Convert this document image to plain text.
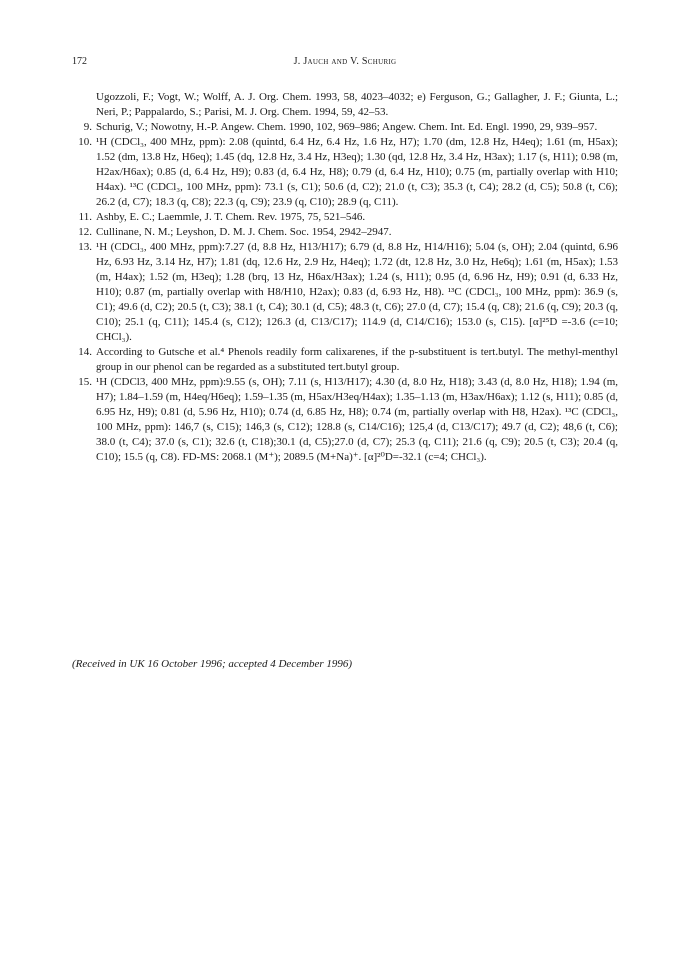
172	J. Jauch and V. Schurig

Ugozzoli, F.; Vogt, W.; Wolff, A. J. Org. Chem. 1993, 58, 4023–4032; e) Ferguson, G.; Gallagher, J. F.; Giunta, L.; Neri, P.; Pappalardo, S.; Parisi, M. J. Org. Chem. 1994, 59, 42–53.

9. Schurig, V.; Nowotny, H.-P. Angew. Chem. 1990, 102, 969–986; Angew. Chem. Int. Ed. Engl. 1990, 29, 939–957.

10. ¹H (CDCl₃, 400 MHz, ppm): 2.08 (quintd, 6.4 Hz, 6.4 Hz, 1.6 Hz, H7); 1.70 (dm, 12.8 Hz, H4eq); 1.61 (m, H5ax); 1.52 (dm, 13.8 Hz, H6eq); 1.45 (dq, 12.8 Hz, 3.4 Hz, H3eq); 1.30 (qd, 12.8 Hz, 3.4 Hz, H3ax); 1.17 (s, H11); 0.98 (m, H2ax/H6ax); 0.85 (d, 6.4 Hz, H9); 0.83 (d, 6.4 Hz, H8); 0.79 (d, 6.4 Hz, H10); 0.75 (m, partially overlap with H10; H4ax). ¹³C (CDCl₃, 100 MHz, ppm): 73.1 (s, C1); 50.6 (d, C2); 21.0 (t, C3); 35.3 (t, C4); 28.2 (d, C5); 50.8 (t, C6); 26.2 (d, C7); 18.3 (q, C8); 22.3 (q, C9); 23.9 (q, C10); 28.9 (q, C11).

11. Ashby, E. C.; Laemmle, J. T. Chem. Rev. 1975, 75, 521–546.

12. Cullinane, N. M.; Leyshon, D. M. J. Chem. Soc. 1954, 2942–2947.

13. ¹H (CDCl₃, 400 MHz, ppm):7.27 (d, 8.8 Hz, H13/H17); 6.79 (d, 8.8 Hz, H14/H16); 5.04 (s, OH); 2.04 (quintd, 6.96 Hz, 6.93 Hz, 3.14 Hz, H7); 1.81 (dq, 12.6 Hz, 2.9 Hz, H4eq); 1.72 (dt, 12.8 Hz, 3.0 Hz, He6q); 1.61 (m, H5ax); 1.53 (m, H4ax); 1.52 (m, H3eq); 1.28 (brq, 13 Hz, H6ax/H3ax); 1.24 (s, H11); 0.95 (d, 6.96 Hz, H9); 0.91 (d, 6.33 Hz, H10); 0.87 (m, partially overlap with H8/H10, H2ax); 0.83 (d, 6.93 Hz, H8). ¹³C (CDCl₃, 100 MHz, ppm): 36.9 (s, C1); 49.6 (d, C2); 20.5 (t, C3); 38.1 (t, C4); 30.1 (d, C5); 48.3 (t, C6); 27.0 (d, C7); 15.4 (q, C8); 21.6 (q, C9); 20.3 (q, C10); 25.1 (q, C11); 145.4 (s, C12); 126.3 (d, C13/C17); 114.9 (d, C14/C16); 153.0 (s, C15). [α]²⁵D =-3.6 (c=10; CHCl₃).

14. According to Gutsche et al.⁴ Phenols readily form calixarenes, if the p-substituent is tert.butyl. The methyl-menthyl group in our phenol can be regarded as a substituted tert.butyl group.

15. ¹H (CDCl3, 400 MHz, ppm):9.55 (s, OH); 7.11 (s, H13/H17); 4.30 (d, 8.0 Hz, H18); 3.43 (d, 8.0 Hz, H18); 1.94 (m, H7); 1.84–1.59 (m, H4eq/H6eq); 1.59–1.35 (m, H5ax/H3eq/H4ax); 1.35–1.13 (m, H3ax/H6ax); 1.12 (s, H11); 0.85 (d, 6.95 Hz, H9); 0.81 (d, 5.96 Hz, H10); 0.74 (d, 6.85 Hz, H8); 0.74 (m, partially overlap with H8, H2ax). ¹³C (CDCl₃, 100 MHz, ppm): 146,7 (s, C15); 146,3 (s, C12); 128.8 (s, C14/C16); 125,4 (d, C13/C17); 49.7 (d, C2); 48,6 (t, C6); 38.0 (t, C4); 37.0 (s, C1); 32.6 (t, C18);30.1 (d, C5);27.0 (d, C7); 25.3 (q, C11); 21.6 (q, C9); 20.5 (t, C3); 20.4 (q, C10); 15.5 (q, C8). FD-MS: 2068.1 (M⁺); 2089.5 (M+Na)⁺. [α]²⁰D=-32.1 (c=4; CHCl₃).

(Received in UK 16 October 1996; accepted 4 December 1996)
